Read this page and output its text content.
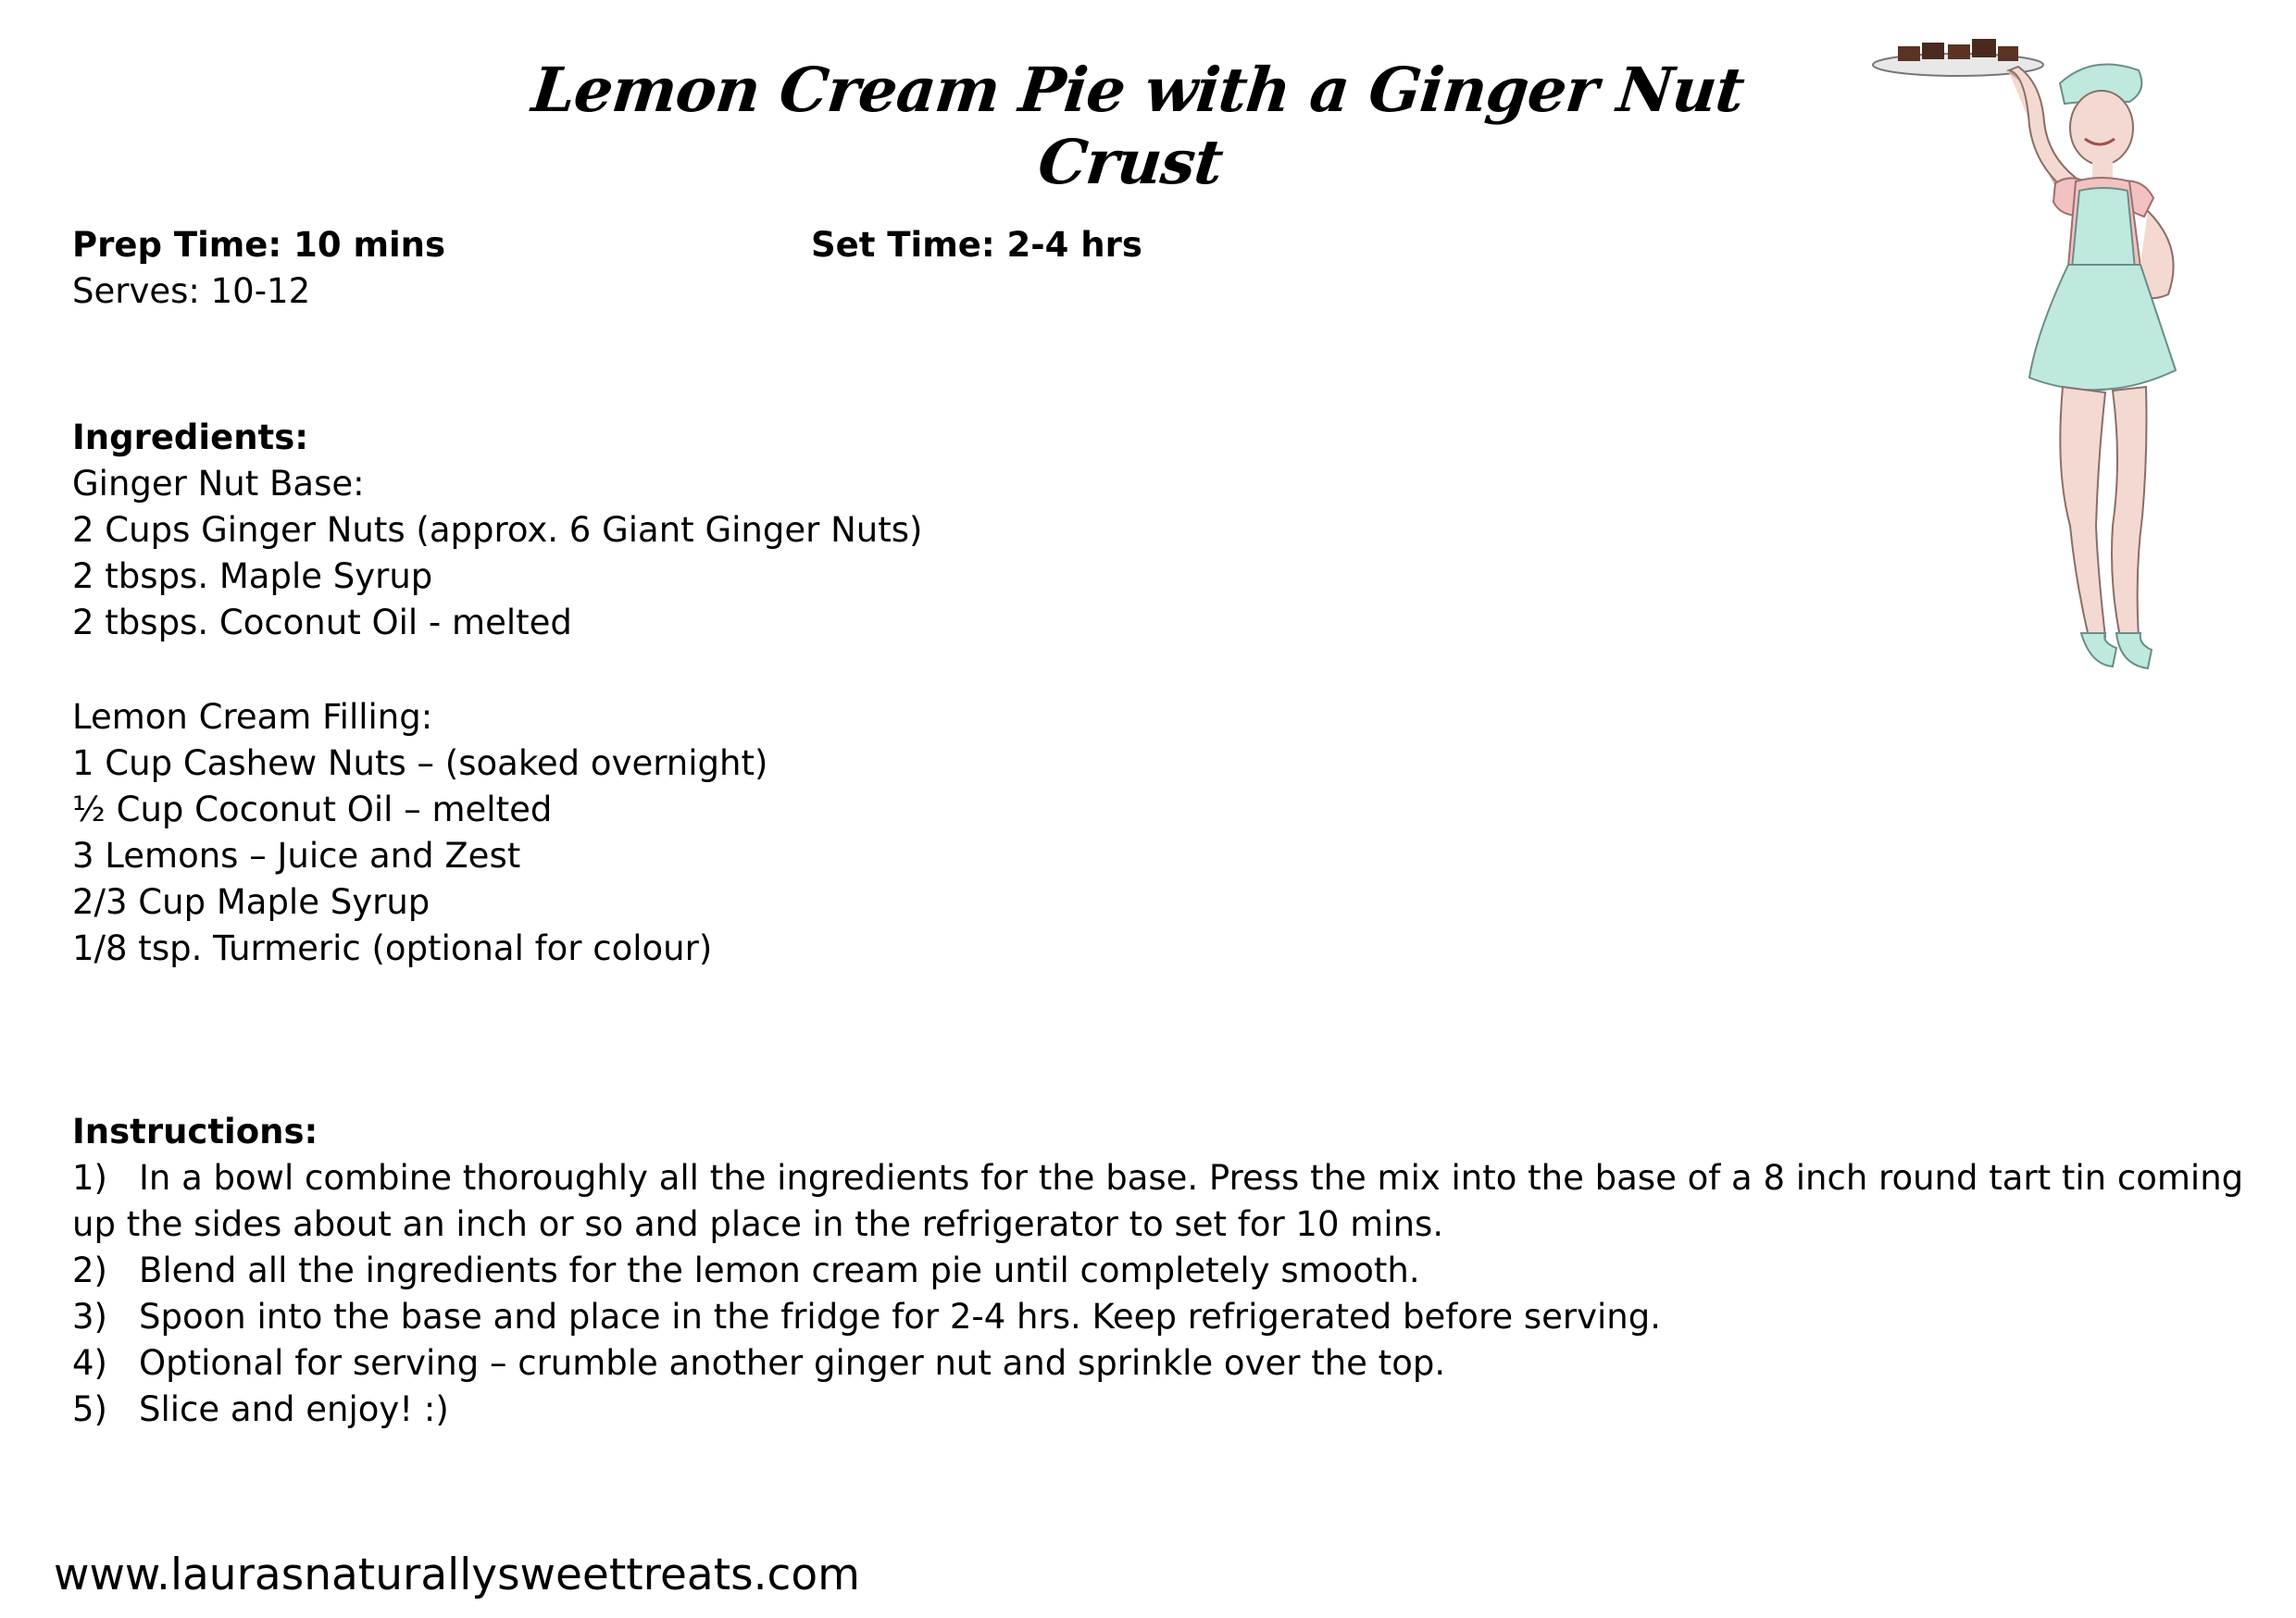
Lemon Cream Pie with a Ginger Nut Crust
Prep Time: 10 mins	Set Time: 2-4 hrs
Serves: 10-12
Ingredients:
Ginger Nut Base:
2 Cups Ginger Nuts (approx. 6 Giant Ginger Nuts)
2 tbsps. Maple Syrup
2 tbsps. Coconut Oil - melted
Lemon Cream Filling:
1 Cup Cashew Nuts – (soaked overnight)
½ Cup Coconut Oil – melted
3 Lemons – Juice and Zest
2/3 Cup Maple Syrup
1/8 tsp. Turmeric (optional for colour)
Instructions:
1) In a bowl combine thoroughly all the ingredients for the base. Press the mix into the base of a 8 inch round tart tin coming
up the sides about an inch or so and place in the refrigerator to set for 10 mins.
2) Blend all the ingredients for the lemon cream pie until completely smooth.
3) Spoon into the base and place in the fridge for 2-4 hrs. Keep refrigerated before serving.
4) Optional for serving – crumble another ginger nut and sprinkle over the top.
5) Slice and enjoy! :)
www.laurasnaturallysweettreats.com
